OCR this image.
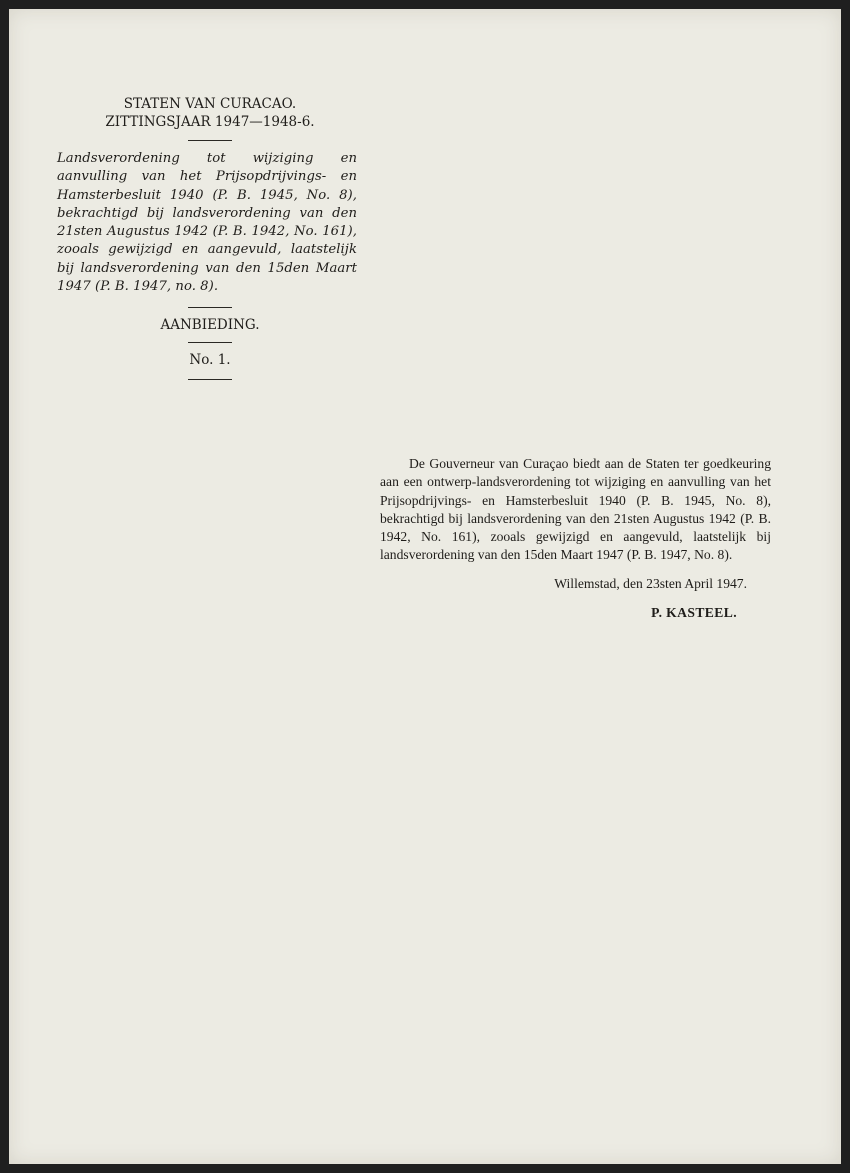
STATEN VAN CURACAO.
ZITTINGSJAAR 1947—1948-6.
Landsverordening tot wijziging en aanvulling van het Prijsopdrijvings- en Hamsterbesluit 1940 (P. B. 1945, No. 8), bekrachtigd bij landsverordening van den 21sten Augustus 1942 (P. B. 1942, No. 161), zooals gewijzigd en aangevuld, laatstelijk bij landsverordening van den 15den Maart 1947 (P. B. 1947, no. 8).
AANBIEDING.
No. 1.
De Gouverneur van Curaçao biedt aan de Staten ter goedkeuring aan een ontwerp-landsverordening tot wijziging en aanvulling van het Prijsopdrijvings- en Hamsterbesluit 1940 (P. B. 1945, No. 8), bekrachtigd bij landsverordening van den 21sten Augustus 1942 (P. B. 1942, No. 161), zooals gewijzigd en aangevuld, laatstelijk bij landsverordening van den 15den Maart 1947 (P. B. 1947, No. 8).
Willemstad, den 23sten April 1947.
P. KASTEEL.
